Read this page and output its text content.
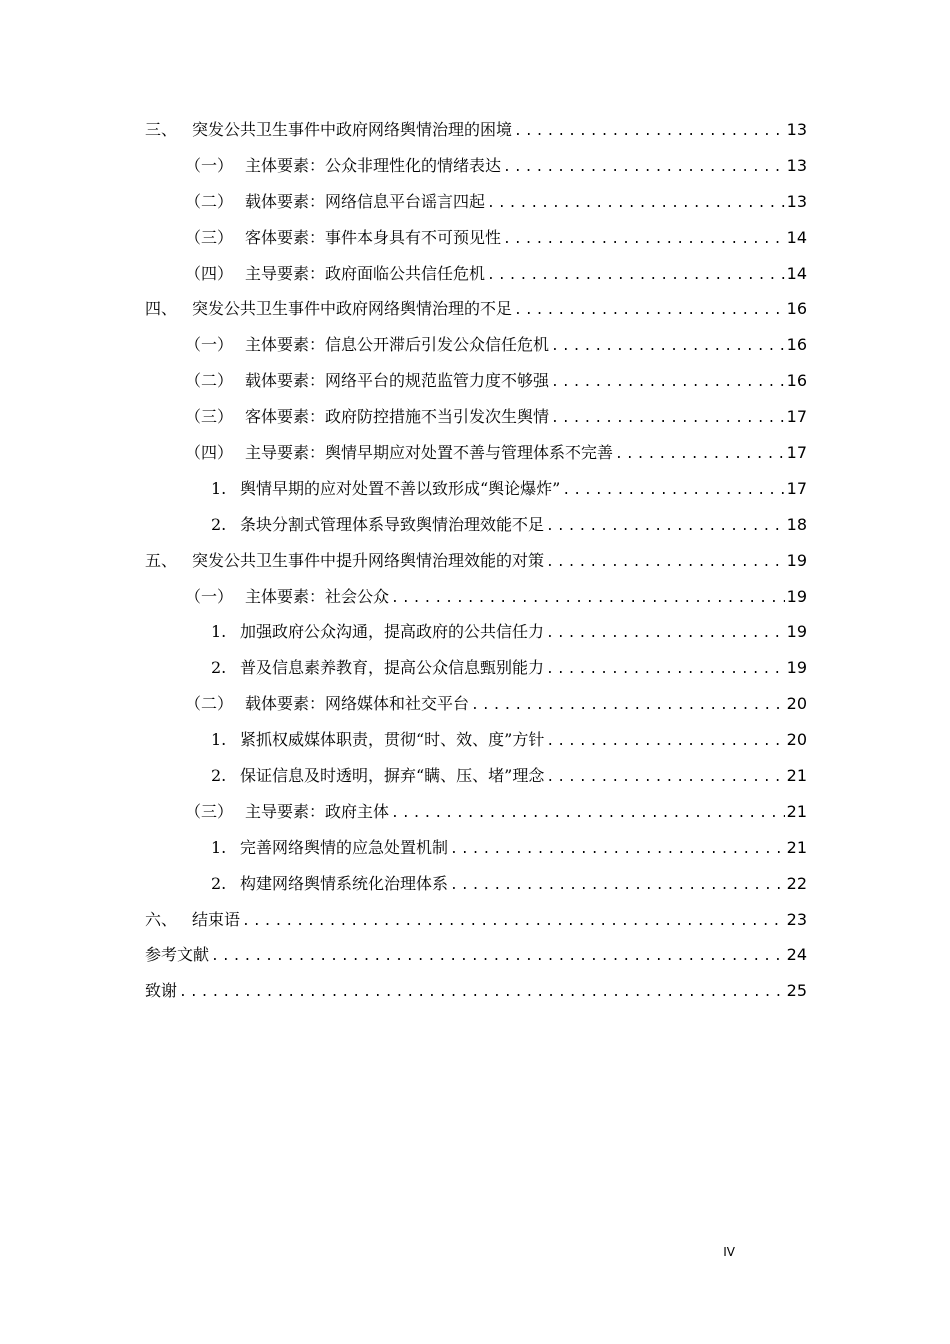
三、 突发公共卫生事件中政府网络舆情治理的困境 .....	13
（一） 主体要素：公众非理性化的情绪表达 .....	13
（二） 载体要素：网络信息平台谣言四起 .....	13
（三） 客体要素：事件本身具有不可预见性 .....	14
（四） 主导要素：政府面临公共信任危机 .....	14
四、 突发公共卫生事件中政府网络舆情治理的不足 .....	16
（一） 主体要素：信息公开滞后引发公众信任危机 .....	16
（二） 载体要素：网络平台的规范监管力度不够强 .....	16
（三） 客体要素：政府防控措施不当引发次生舆情 .....	17
（四） 主导要素：舆情早期应对处置不善与管理体系不完善 .....	17
1. 舆情早期的应对处置不善以致形成“舆论爆炸” .....	17
2. 条块分割式管理体系导致舆情治理效能不足 .....	18
五、 突发公共卫生事件中提升网络舆情治理效能的对策 .....	19
（一） 主体要素：社会公众 .....	19
1. 加强政府公众沟通，提高政府的公共信任力 .....	19
2. 普及信息素养教育，提高公众信息甄别能力 .....	19
（二） 载体要素：网络媒体和社交平台 .....	20
1. 紧抓权威媒体职责，贯彻“时、效、度”方针 .....	20
2. 保证信息及时透明，摒弃“瞒、压、堵”理念 .....	21
（三） 主导要素：政府主体 .....	21
1. 完善网络舆情的应急处置机制 .....	21
2. 构建网络舆情系统化治理体系 .....	22
六、 结束语 .....	23
参考文献 .....	24
致谢 .....	25
IV
